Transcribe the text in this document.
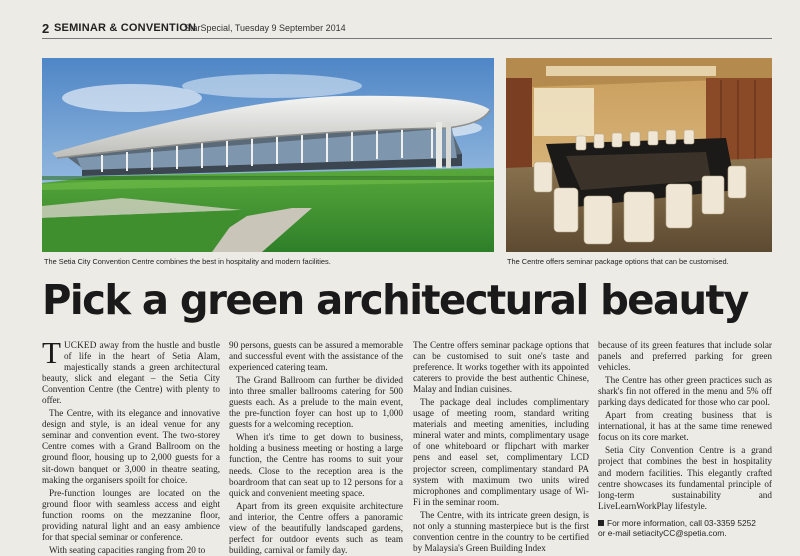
2 SEMINAR & CONVENTION
StarSpecial, Tuesday 9 September 2014
The Setia City Convention Centre combines the best in hospitality and modern facilities.	The Centre offers seminar package options that can be customised.
Pick a green architectural beauty

TUCKED away from the hustle and bustle of life in the heart of Setia Alam, majestically stands a green architectural beauty, slick and elegant – the Setia City Convention Centre (the Centre) with plenty to offer.

The Centre, with its elegance and innovative design and style, is an ideal venue for any seminar and convention event. The two-storey Centre comes with a Grand Ballroom on the ground floor, housing up to 2,000 guests for a sit-down banquet or 3,000 in theatre seating, making the organisers spoilt for choice.

Pre-function lounges are located on the ground floor with seamless access and eight function rooms on the mezzanine floor, providing natural light and an easy ambience for that special seminar or conference.

With seating capacities ranging from 20 to

90 persons, guests can be assured a memorable and successful event with the assistance of the experienced catering team.

The Grand Ballroom can further be divided into three smaller ballrooms catering for 500 guests each. As a prelude to the main event, the pre-function foyer can host up to 1,000 guests for a welcoming reception.

When it's time to get down to business, holding a business meeting or hosting a large function, the Centre has rooms to suit your needs. Close to the reception area is the boardroom that can seat up to 12 persons for a quick and convenient meeting space.

Apart from its green exquisite architecture and interior, the Centre offers a panoramic view of the beautifully landscaped gardens, perfect for outdoor events such as team building, carnival or family day.

The Centre offers seminar package options that can be customised to suit one's taste and preference. It works together with its appointed caterers to provide the best authentic Chinese, Malay and Indian cuisines.

The package deal includes complimentary usage of meeting room, standard writing materials and meeting amenities, including mineral water and mints, complimentary usage of one whiteboard or flipchart with marker pens and easel set, complimentary LCD projector screen, complimentary standard PA system with maximum two units wired microphones and complimentary usage of Wi-Fi in the seminar room.

The Centre, with its intricate green design, is not only a stunning masterpiece but is the first convention centre in the country to be certified by Malaysia's Green Building Index

because of its green features that include solar panels and preferred parking for green vehicles.

The Centre has other green practices such as shark's fin not offered in the menu and 5% off parking days dedicated for those who car pool.

Apart from creating business that is international, it has at the same time renewed focus on its core market.

Setia City Convention Centre is a grand project that combines the best in hospitality and modern facilities. This elegantly crafted centre showcases its fundamental principle of long-term sustainability and LiveLearnWorkPlay lifestyle.

For more information, call 03-3359 5252
or e-mail setiacityCC@spetia.com.
